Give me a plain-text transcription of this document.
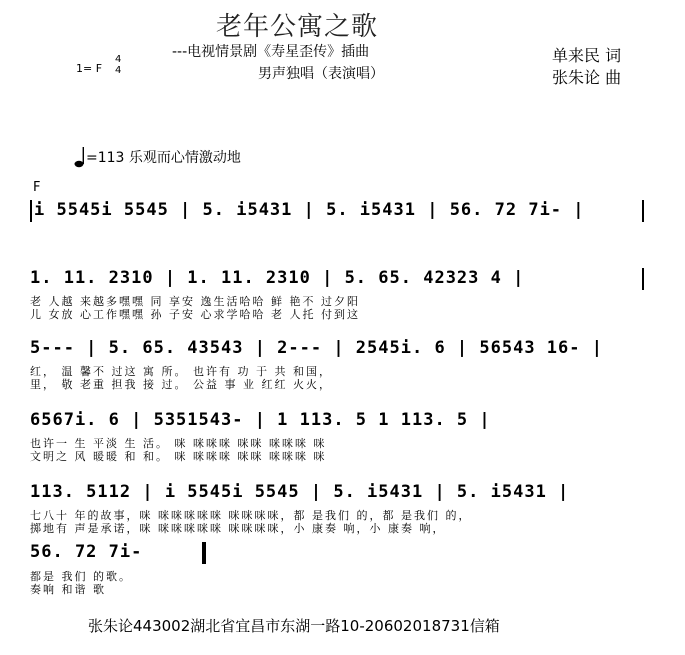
老年公寓之歌
---电视情景剧《寿星歪传》插曲
男声独唱（表演唱）
1= F
4
4
单来民 词
张朱论 曲
=113 乐观而心情激动地
F
i 5545i 5545 | 5. i5431 | 5. i5431 | 56. 72 7i- |
1. 11. 2310 | 1. 11. 2310 | 5. 65. 42323 4 |
老 人越 来越多嘿嘿 同 享安 逸生活哈哈 鲜 艳不 过夕阳
儿 女放 心工作嘿嘿 孙 子安 心求学哈哈 老 人托 付到这
5--- | 5. 65. 43543 | 2--- | 2545i. 6 | 56543 16- |
红， 温 馨不 过这 寓 所。 也许有 功 于 共 和国，
里， 敬 老重 担我 接 过。 公益 事 业 红红 火火，
6567i. 6 | 5351543- | 1 113. 5 1 113. 5 |
也许一 生 平淡 生 活。 咪 咪咪咪 咪咪 咪咪咪 咪
文明之 风 暖暖 和 和。 咪 咪咪咪 咪咪 咪咪咪 咪
113. 5112 | i 5545i 5545 | 5. i5431 | 5. i5431 |
七八十 年的故事，咪 咪咪咪咪咪 咪咪咪咪，都 是我们 的，都 是我们 的，
掷地有 声是承诺，咪 咪咪咪咪咪 咪咪咪咪，小 康奏 响，小 康奏 响，
56. 72 7i-
都是 我们 的歌。
奏响 和谐 歌
张朱论443002湖北省宜昌市东湖一路10-20602018731信箱
